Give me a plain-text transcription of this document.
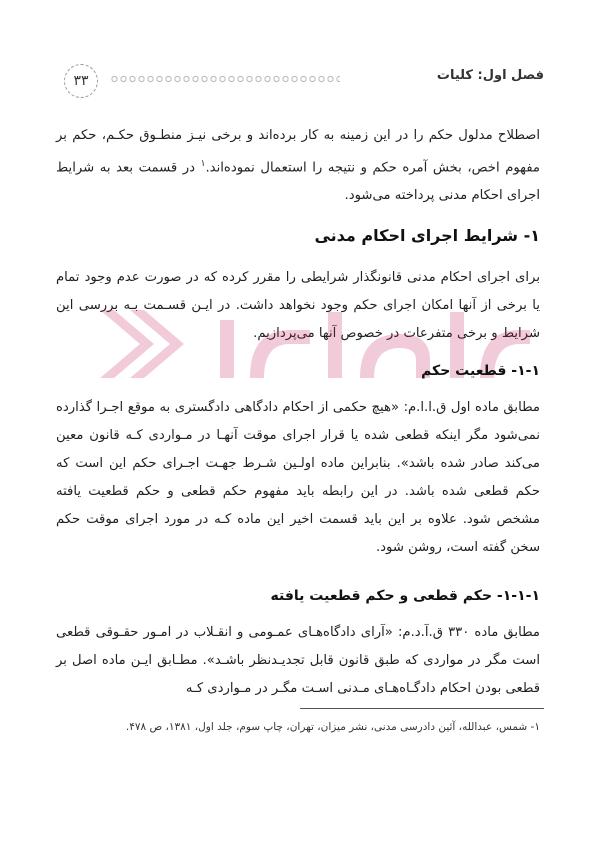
۳۳	فصل اول: کلیات
اصطلاح مدلول حکم را در این زمینه به کار برده‌اند و برخی نیـز منطـوق حکـم، حکم بر مفهوم اخص، بخش آمره حکم و نتیجه را استعمال نموده‌اند.$^۱$ در قسمت بعد به شرایط اجرای احکام مدنی پرداخته می‌شود.
۱- شرایط اجرای احکام مدنی
برای اجرای احکام مدنی قانونگذار شرایطی را مقرر کرده که در صورت عدم وجود تمام یا برخی از آنها امکان اجرای حکم وجود نخواهد داشت. در ایـن قسـمت بـه بررسی این شرایط و برخی متفرعات در خصوص آنها می‌پردازیم.
۱-۱- قطعیت حکم
مطابق ماده اول ق.ا.ا.م: «هیچ حکمی از احکام دادگاهی دادگستری به موقع اجـرا گذارده نمی‌شود مگر اینکه قطعی شده یا قرار اجرای موقت آنهـا در مـواردی کـه قانون معین می‌کند صادر شده باشد». بنابراین ماده اولـین شـرط جهـت اجـرای حکم این است که حکم قطعی شده باشد. در این رابطه باید مفهوم حکم قطعی و حکم قطعیت یافته مشخص شود. علاوه بر این باید قسمت اخیر این ماده کـه در مورد اجرای موقت حکم سخن گفته است، روشن شود.
۱-۱-۱- حکم قطعی و حکم قطعیت یافته
مطابق ماده ۳۳۰ ق.آ.د.م: «آرای دادگاه‌هـای عمـومی و انقـلاب در امـور حقـوقی قطعی است مگر در مواردی که طبق قانون قابل تجدیـدنظر باشـد». مطـابق ایـن ماده اصل بر قطعی بودن احکام دادگـاه‌هـای مـدنی اسـت مگـر در مـواردی کـه
۱- شمس، عبدالله، آئین دادرسی مدنی، نشر میزان، تهران، چاپ سوم، جلد اول، ۱۳۸۱، ص ۴۷۸.
